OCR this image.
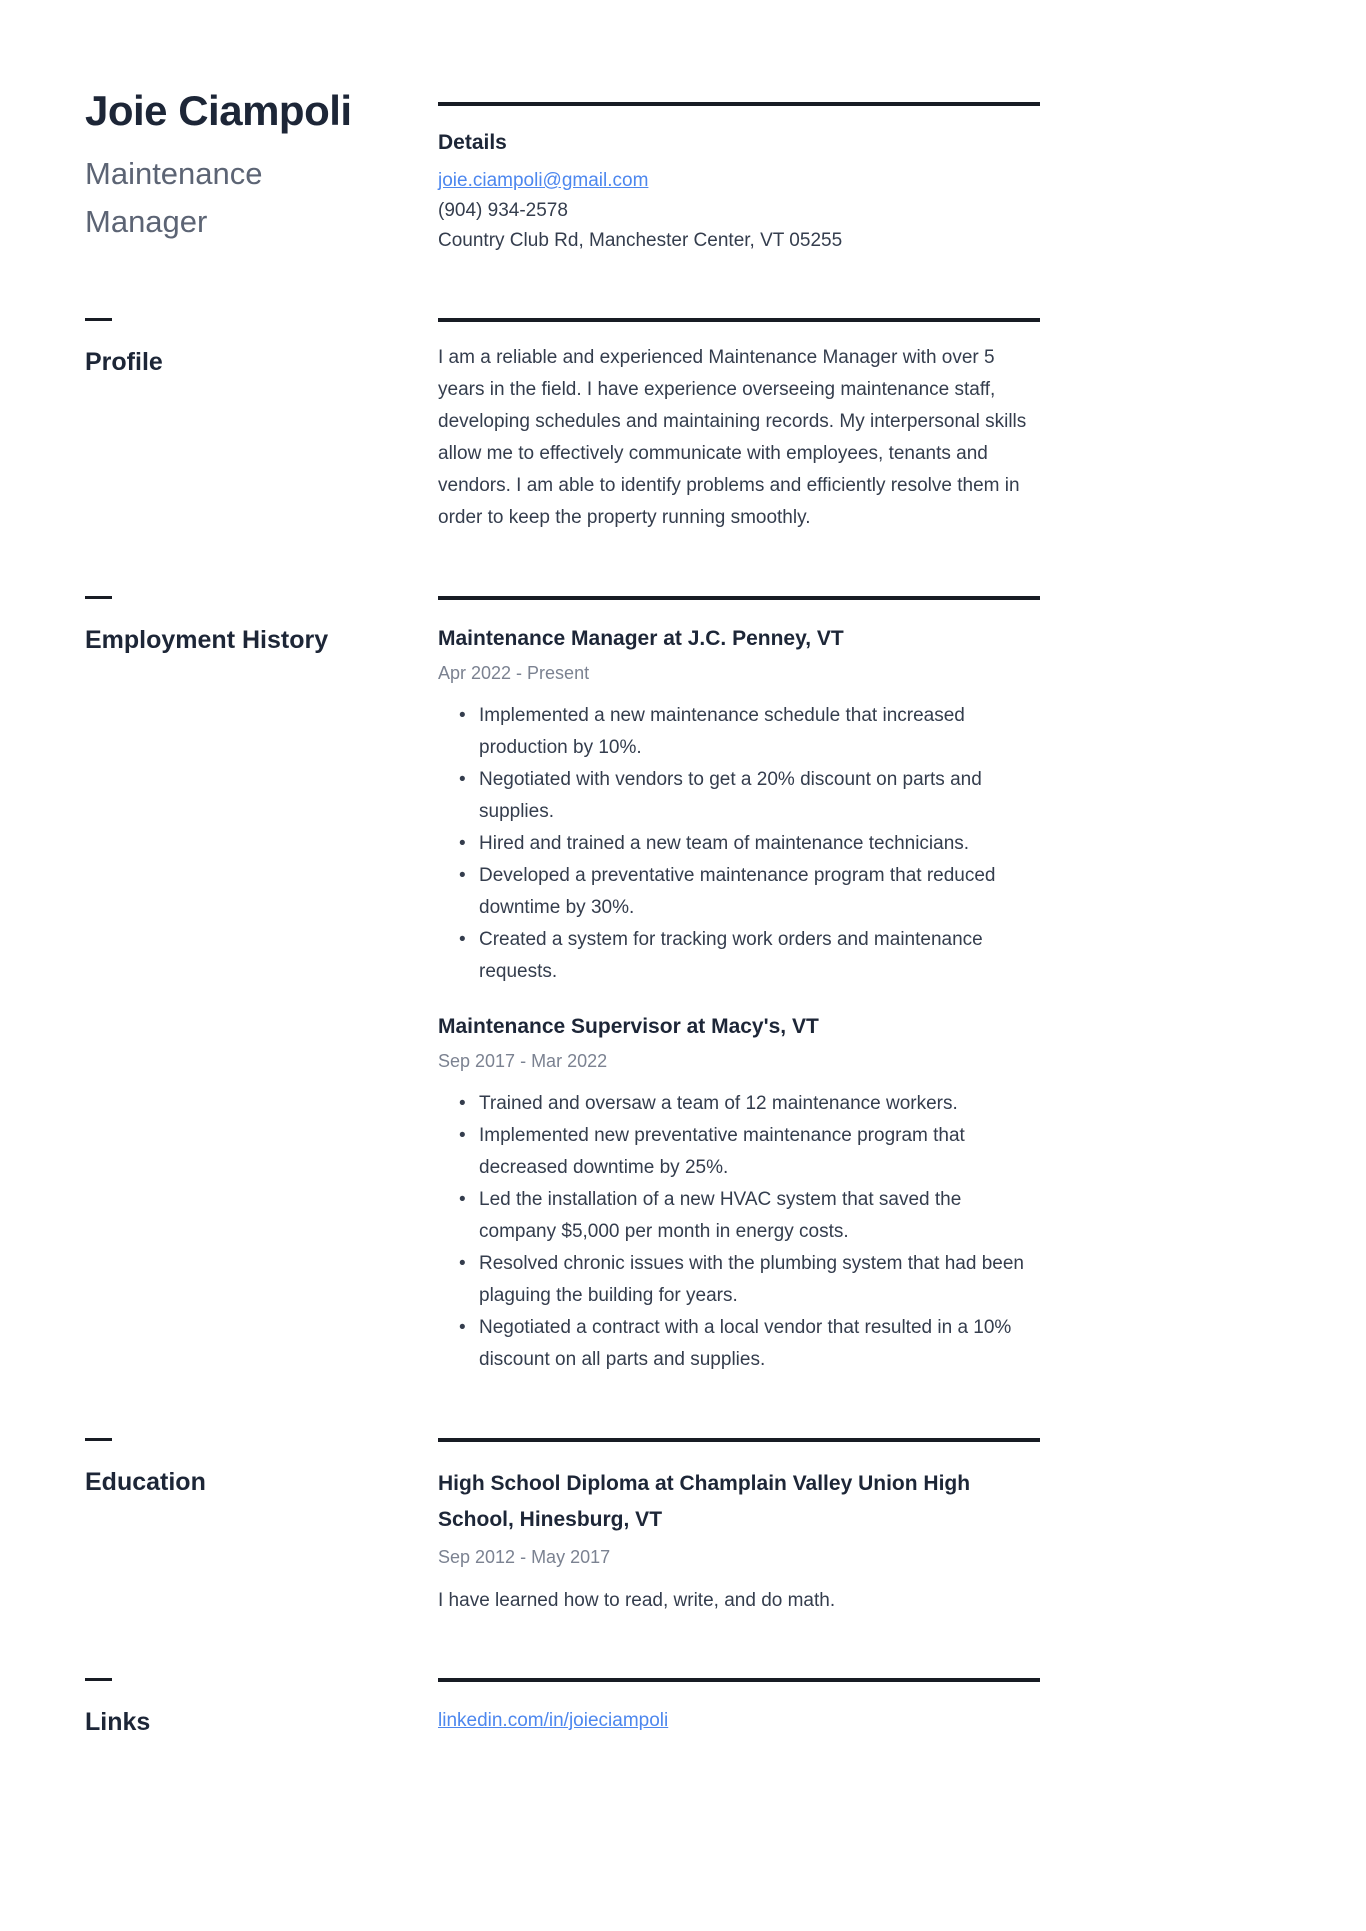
Joie Ciampoli
Maintenance Manager
Details
joie.ciampoli@gmail.com
(904) 934-2578
Country Club Rd, Manchester Center, VT 05255
Profile	I am a reliable and experienced Maintenance Manager with over 5 years in the field. I have experience overseeing maintenance staff, developing schedules and maintaining records. My interpersonal skills allow me to effectively communicate with employees, tenants and vendors. I am able to identify problems and efficiently resolve them in order to keep the property running smoothly.

Employment History	Maintenance Manager at J.C. Penney, VT
Apr 2022 - Present
• Implemented a new maintenance schedule that increased production by 10%.
• Negotiated with vendors to get a 20% discount on parts and supplies.
• Hired and trained a new team of maintenance technicians.
• Developed a preventative maintenance program that reduced downtime by 30%.
• Created a system for tracking work orders and maintenance requests.
Maintenance Supervisor at Macy's, VT
Sep 2017 - Mar 2022
• Trained and oversaw a team of 12 maintenance workers.
• Implemented new preventative maintenance program that decreased downtime by 25%.
• Led the installation of a new HVAC system that saved the company $5,000 per month in energy costs.
• Resolved chronic issues with the plumbing system that had been plaguing the building for years.
• Negotiated a contract with a local vendor that resulted in a 10% discount on all parts and supplies.
Education	High School Diploma at Champlain Valley Union High School, Hinesburg, VT
Sep 2012 - May 2017

I have learned how to read, write, and do math.

Links	linkedin.com/in/joieciampoli
